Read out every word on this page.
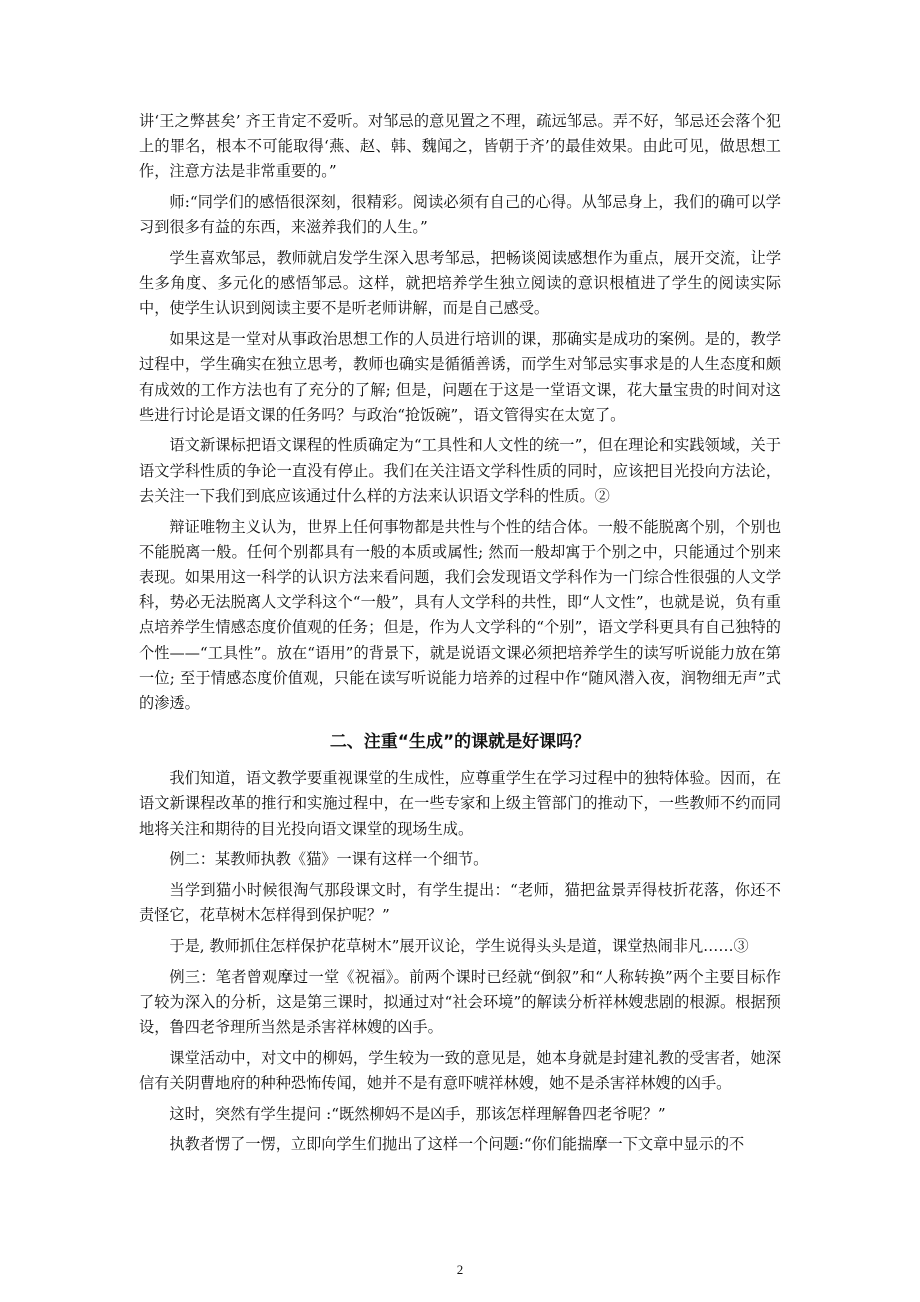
讲‘王之弊甚矣’ 齐王肯定不爱听。对邹忌的意见置之不理，疏远邹忌。弄不好，邹忌还会落个犯上的罪名，根本不可能取得‘燕、赵、韩、魏闻之，皆朝于齐’的最佳效果。由此可见，做思想工作，注意方法是非常重要的。”

师:“同学们的感悟很深刻，很精彩。阅读必须有自己的心得。从邹忌身上，我们的确可以学习到很多有益的东西，来滋养我们的人生。”

学生喜欢邹忌，教师就启发学生深入思考邹忌，把畅谈阅读感想作为重点，展开交流，让学生多角度、多元化的感悟邹忌。这样，就把培养学生独立阅读的意识根植进了学生的阅读实际中，使学生认识到阅读主要不是听老师讲解，而是自己感受。

如果这是一堂对从事政治思想工作的人员进行培训的课，那确实是成功的案例。是的，教学过程中，学生确实在独立思考，教师也确实是循循善诱，而学生对邹忌实事求是的人生态度和颇有成效的工作方法也有了充分的了解; 但是，问题在于这是一堂语文课，花大量宝贵的时间对这些进行讨论是语文课的任务吗？与政治“抢饭碗”，语文管得实在太宽了。

语文新课标把语文课程的性质确定为“工具性和人文性的统一”，但在理论和实践领域，关于语文学科性质的争论一直没有停止。我们在关注语文学科性质的同时，应该把目光投向方法论，去关注一下我们到底应该通过什么样的方法来认识语文学科的性质。②

辩证唯物主义认为，世界上任何事物都是共性与个性的结合体。一般不能脱离个别，个别也不能脱离一般。任何个别都具有一般的本质或属性; 然而一般却寓于个别之中，只能通过个别来表现。如果用这一科学的认识方法来看问题，我们会发现语文学科作为一门综合性很强的人文学科，势必无法脱离人文学科这个“一般”，具有人文学科的共性，即“人文性”，也就是说，负有重点培养学生情感态度价值观的任务；但是，作为人文学科的“个别”，语文学科更具有自己独特的个性——“工具性”。放在“语用”的背景下，就是说语文课必须把培养学生的读写听说能力放在第一位; 至于情感态度价值观，只能在读写听说能力培养的过程中作“随风潜入夜，润物细无声”式的渗透。

二、注重“生成”的课就是好课吗？

我们知道，语文教学要重视课堂的生成性，应尊重学生在学习过程中的独特体验。因而，在语文新课程改革的推行和实施过程中，在一些专家和上级主管部门的推动下，一些教师不约而同地将关注和期待的目光投向语文课堂的现场生成。

例二：某教师执教《猫》一课有这样一个细节。

当学到猫小时候很淘气那段课文时，有学生提出：“老师，猫把盆景弄得枝折花落，你还不责怪它，花草树木怎样得到保护呢？”

于是, 教师抓住怎样保护花草树木”展开议论，学生说得头头是道，课堂热闹非凡……③

例三：笔者曾观摩过一堂《祝福》。前两个课时已经就“倒叙”和“人称转换”两个主要目标作了较为深入的分析，这是第三课时，拟通过对“社会环境”的解读分析祥林嫂悲剧的根源。根据预设，鲁四老爷理所当然是杀害祥林嫂的凶手。

课堂活动中，对文中的柳妈，学生较为一致的意见是，她本身就是封建礼教的受害者，她深信有关阴曹地府的种种恐怖传闻，她并不是有意吓唬祥林嫂，她不是杀害祥林嫂的凶手。

这时，突然有学生提问 :“既然柳妈不是凶手，那该怎样理解鲁四老爷呢？”

执教者愣了一愣，立即向学生们抛出了这样一个问题:“你们能揣摩一下文章中显示的不

2
